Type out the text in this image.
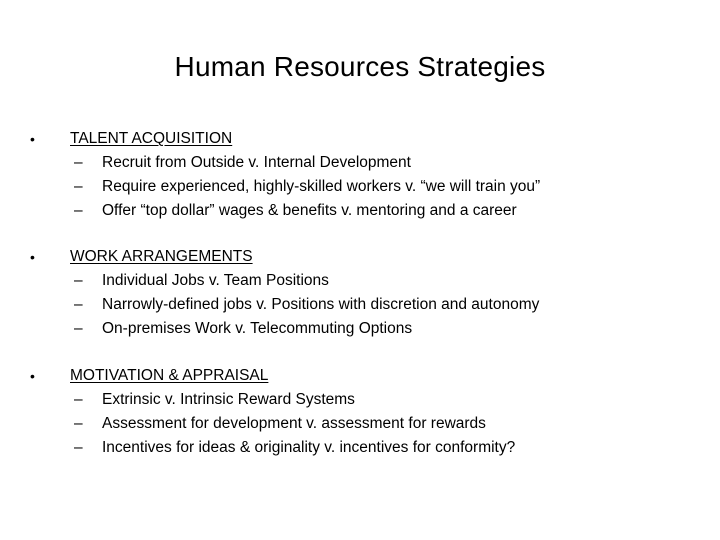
Human Resources Strategies
• TALENT ACQUISITION
– Recruit from Outside v. Internal Development
– Require experienced, highly-skilled workers v. “we will train you”
– Offer “top dollar” wages & benefits v. mentoring and a career
• WORK ARRANGEMENTS
– Individual Jobs v. Team Positions
– Narrowly-defined jobs v. Positions with discretion and autonomy
– On-premises Work v. Telecommuting Options
• MOTIVATION & APPRAISAL
– Extrinsic v. Intrinsic Reward Systems
– Assessment for development v. assessment for rewards
– Incentives for ideas & originality v. incentives for conformity?
